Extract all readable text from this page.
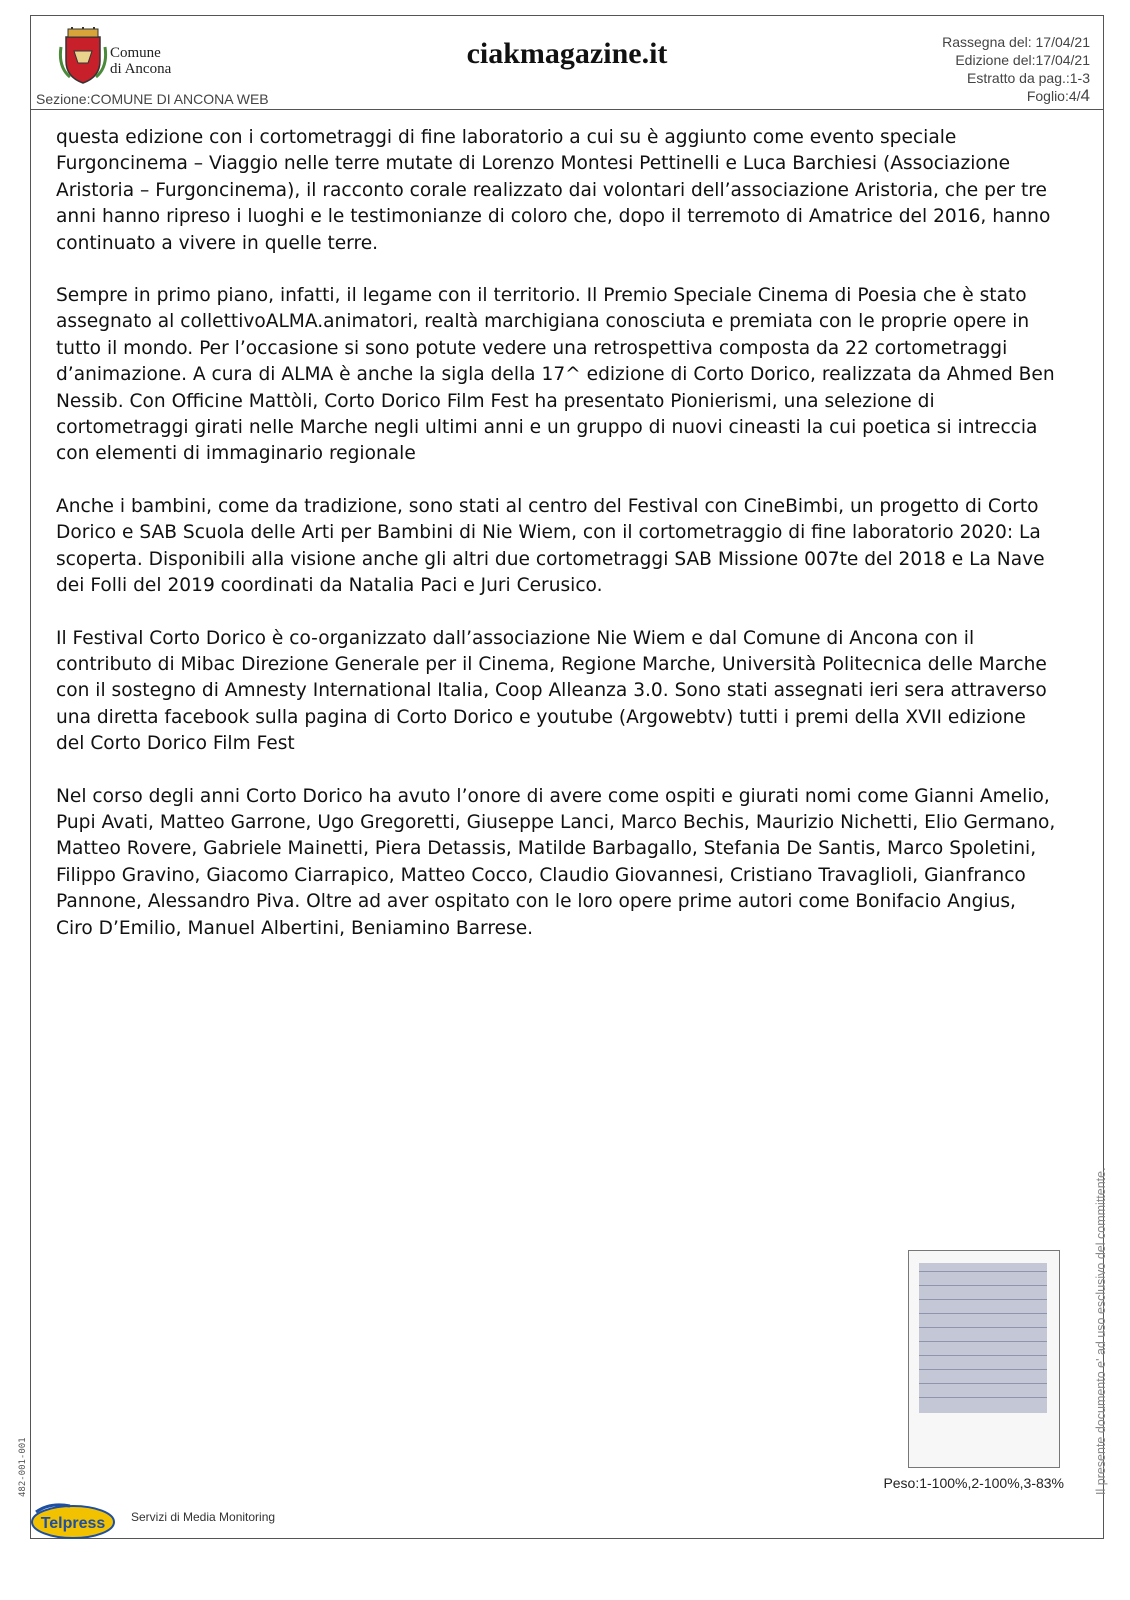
Comune
di Ancona	ciakmagazine.it	Rassegna del: 17/04/21
Edizione del:17/04/21
Estratto da pag.:1-3
Foglio:4/4
Sezione:COMUNE DI ANCONA WEB

questa edizione con i cortometraggi di fine laboratorio a cui su è aggiunto come evento speciale Furgoncinema – Viaggio nelle terre mutate di Lorenzo Montesi Pettinelli e Luca Barchiesi (Associazione Aristoria – Furgoncinema), il racconto corale realizzato dai volontari dell’associazione Aristoria, che per tre anni hanno ripreso i luoghi e le testimonianze di coloro che, dopo il terremoto di Amatrice del 2016, hanno continuato a vivere in quelle terre.

Sempre in primo piano, infatti, il legame con il territorio. Il Premio Speciale Cinema di Poesia che è stato assegnato al collettivoALMA.animatori, realtà marchigiana conosciuta e premiata con le proprie opere in tutto il mondo. Per l’occasione si sono potute vedere una retrospettiva composta da 22 cortometraggi d’animazione. A cura di ALMA è anche la sigla della 17^ edizione di Corto Dorico, realizzata da Ahmed Ben Nessib. Con Officine Mattòli, Corto Dorico Film Fest ha presentato Pionierismi, una selezione di cortometraggi girati nelle Marche negli ultimi anni e un gruppo di nuovi cineasti la cui poetica si intreccia con elementi di immaginario regionale

Anche i bambini, come da tradizione, sono stati al centro del Festival con CineBimbi, un progetto di Corto Dorico e SAB Scuola delle Arti per Bambini di Nie Wiem, con il cortometraggio di fine laboratorio 2020: La scoperta. Disponibili alla visione anche gli altri due cortometraggi SAB Missione 007te del 2018 e La Nave dei Folli del 2019 coordinati da Natalia Paci e Juri Cerusico.

Il Festival Corto Dorico è co-organizzato dall’associazione Nie Wiem e dal Comune di Ancona con il contributo di Mibac Direzione Generale per il Cinema, Regione Marche, Università Politecnica delle Marche con il sostegno di Amnesty International Italia, Coop Alleanza 3.0. Sono stati assegnati ieri sera attraverso una diretta facebook sulla pagina di Corto Dorico e youtube (Argowebtv) tutti i premi della XVII edizione del Corto Dorico Film Fest

Nel corso degli anni Corto Dorico ha avuto l’onore di avere come ospiti e giurati nomi come Gianni Amelio, Pupi Avati, Matteo Garrone, Ugo Gregoretti, Giuseppe Lanci, Marco Bechis, Maurizio Nichetti, Elio Germano, Matteo Rovere, Gabriele Mainetti, Piera Detassis, Matilde Barbagallo, Stefania De Santis, Marco Spoletini, Filippo Gravino, Giacomo Ciarrapico, Matteo Cocco, Claudio Giovannesi, Cristiano Travaglioli, Gianfranco Pannone, Alessandro Piva. Oltre ad aver ospitato con le loro opere prime autori come Bonifacio Angius, Ciro D’Emilio, Manuel Albertini, Beniamino Barrese.

Peso:1-100%,2-100%,3-83% Il presente documento e' ad uso esclusivo del committente.
482-001-001
Telpress Servizi di Media Monitoring
